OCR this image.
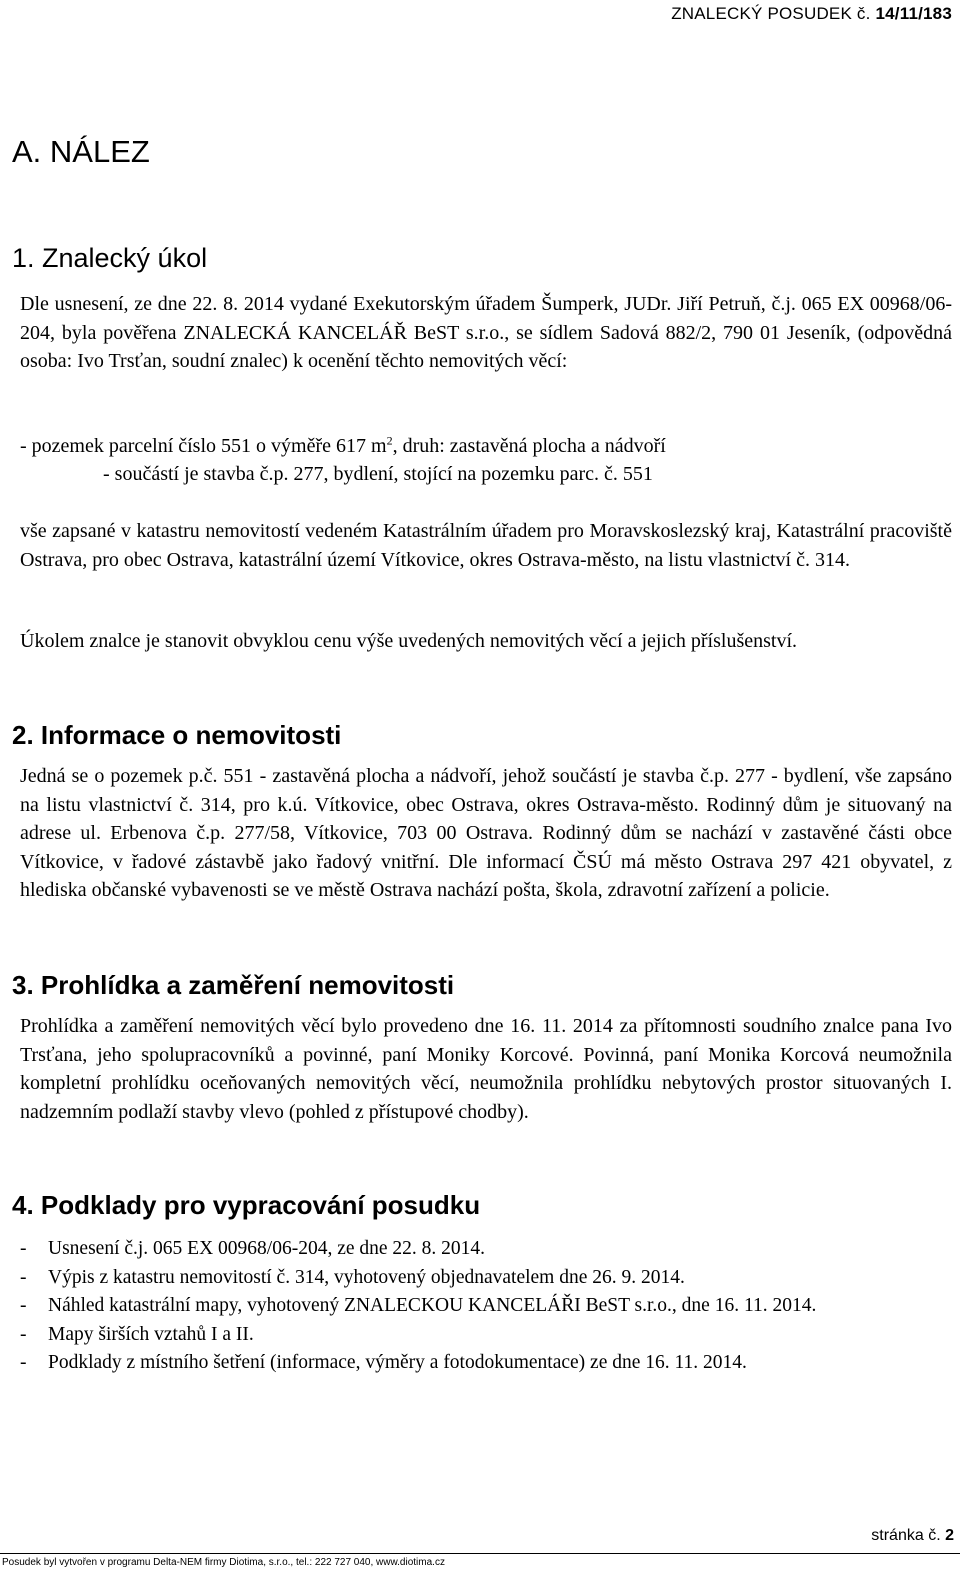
ZNALECKÝ POSUDEK č. 14/11/183
A. NÁLEZ
1. Znalecký úkol

Dle usnesení, ze dne 22. 8. 2014 vydané Exekutorským úřadem Šumperk, JUDr. Jiří Petruň, č.j. 065 EX 00968/06-204, byla pověřena ZNALECKÁ KANCELÁŘ BeST s.r.o., se sídlem Sadová 882/2, 790 01 Jeseník, (odpovědná osoba: Ivo Trsťan, soudní znalec) k ocenění těchto nemovitých věcí:

- pozemek parcelní číslo 551 o výměře 617 $m^2$, druh: zastavěná plocha a nádvoří

- součástí je stavba č.p. 277, bydlení, stojící na pozemku parc. č. 551

vše zapsané v katastru nemovitostí vedeném Katastrálním úřadem pro Moravskoslezský kraj, Katastrální pracoviště Ostrava, pro obec Ostrava, katastrální území Vítkovice, okres Ostrava-město, na listu vlastnictví č. 314.

Úkolem znalce je stanovit obvyklou cenu výše uvedených nemovitých věcí a jejich příslušenství.

2. Informace o nemovitosti

Jedná se o pozemek p.č. 551 - zastavěná plocha a nádvoří, jehož součástí je stavba č.p. 277 - bydlení, vše zapsáno na listu vlastnictví č. 314, pro k.ú. Vítkovice, obec Ostrava, okres Ostrava-město. Rodinný dům je situovaný na adrese ul. Erbenova č.p. 277/58, Vítkovice, 703 00 Ostrava. Rodinný dům se nachází v zastavěné části obce Vítkovice, v řadové zástavbě jako řadový vnitřní. Dle informací ČSÚ má město Ostrava 297 421 obyvatel, z hlediska občanské vybavenosti se ve městě Ostrava nachází pošta, škola, zdravotní zařízení a policie.

3. Prohlídka a zaměření nemovitosti

Prohlídka a zaměření nemovitých věcí bylo provedeno dne 16. 11. 2014 za přítomnosti soudního znalce pana Ivo Trsťana, jeho spolupracovníků a povinné, paní Moniky Korcové. Povinná, paní Monika Korcová neumožnila kompletní prohlídku oceňovaných nemovitých věcí, neumožnila prohlídku nebytových prostor situovaných I. nadzemním podlaží stavby vlevo (pohled z přístupové chodby).

4. Podklady pro vypracování posudku
-	Usnesení č.j. 065 EX 00968/06-204, ze dne 22. 8. 2014.
-	Výpis z katastru nemovitostí č. 314, vyhotovený objednavatelem dne 26. 9. 2014.
-	Náhled katastrální mapy, vyhotovený ZNALECKOU KANCELÁŘI BeST s.r.o., dne 16. 11. 2014.
-	Mapy širších vztahů I a II.
-	Podklady z místního šetření (informace, výměry a fotodokumentace) ze dne 16. 11. 2014.
stránka č. 2
Posudek byl vytvořen v programu Delta-NEM firmy Diotima, s.r.o., tel.: 222 727 040, www.diotima.cz
